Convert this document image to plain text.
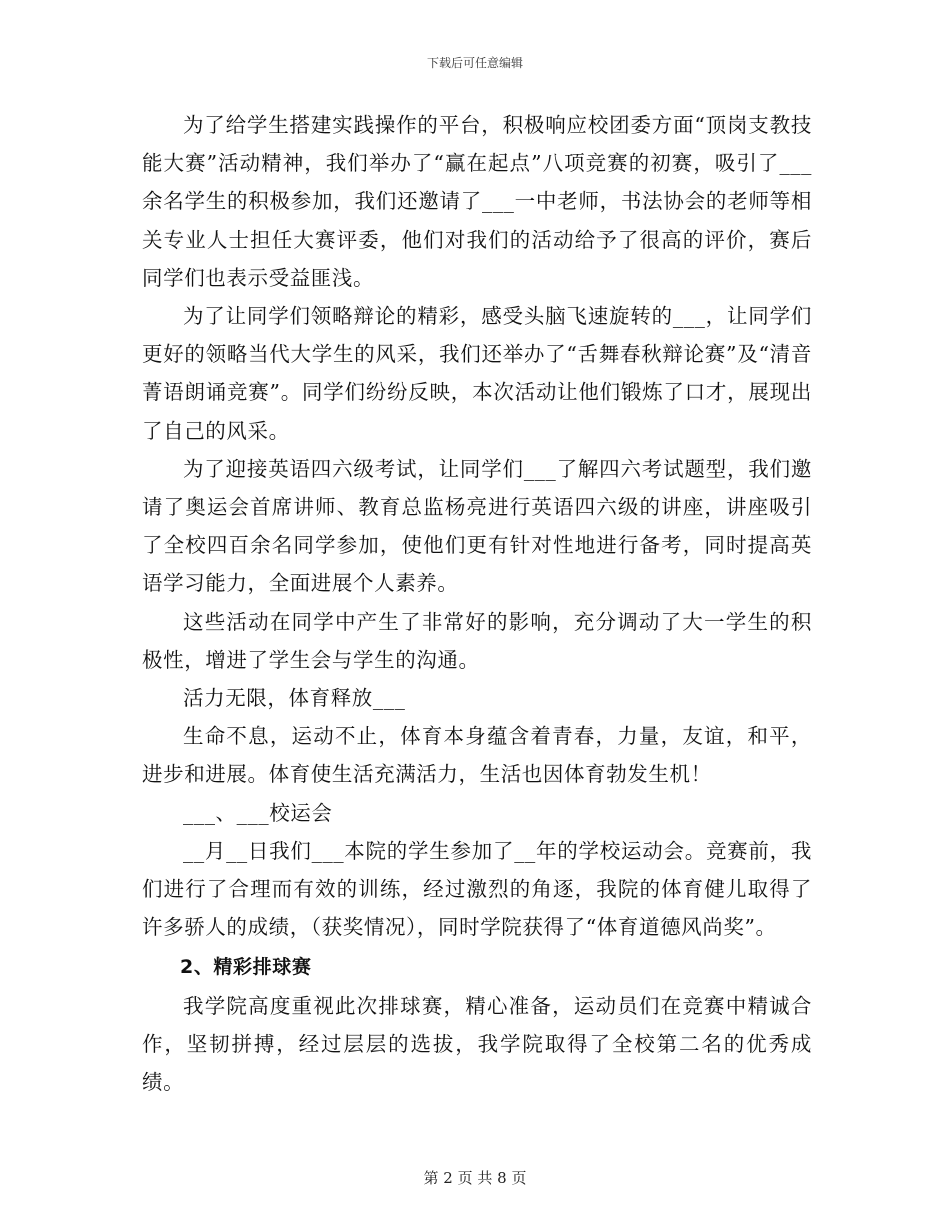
下载后可任意编辑

为了给学生搭建实践操作的平台，积极响应校团委方面“顶岗支教技能大赛”活动精神，我们举办了“赢在起点”八项竞赛的初赛，吸引了___余名学生的积极参加，我们还邀请了___一中老师，书法协会的老师等相关专业人士担任大赛评委，他们对我们的活动给予了很高的评价，赛后同学们也表示受益匪浅。

为了让同学们领略辩论的精彩，感受头脑飞速旋转的___，让同学们更好的领略当代大学生的风采，我们还举办了“舌舞春秋辩论赛”及“清音菁语朗诵竞赛”。同学们纷纷反映，本次活动让他们锻炼了口才，展现出了自己的风采。

为了迎接英语四六级考试，让同学们___了解四六考试题型，我们邀请了奥运会首席讲师、教育总监杨亮进行英语四六级的讲座，讲座吸引了全校四百余名同学参加，使他们更有针对性地进行备考，同时提高英语学习能力，全面进展个人素养。

这些活动在同学中产生了非常好的影响，充分调动了大一学生的积极性，增进了学生会与学生的沟通。

活力无限，体育释放___

生命不息，运动不止，体育本身蕴含着青春，力量，友谊，和平，进步和进展。体育使生活充满活力，生活也因体育勃发生机！

___、___校运会

__月__日我们___本院的学生参加了__年的学校运动会。竞赛前，我们进行了合理而有效的训练，经过激烈的角逐，我院的体育健儿取得了许多骄人的成绩，（获奖情况），同时学院获得了“体育道德风尚奖”。

2、精彩排球赛

我学院高度重视此次排球赛，精心准备，运动员们在竞赛中精诚合作，坚韧拼搏，经过层层的选拔，我学院取得了全校第二名的优秀成绩。

第 2 页 共 8 页
